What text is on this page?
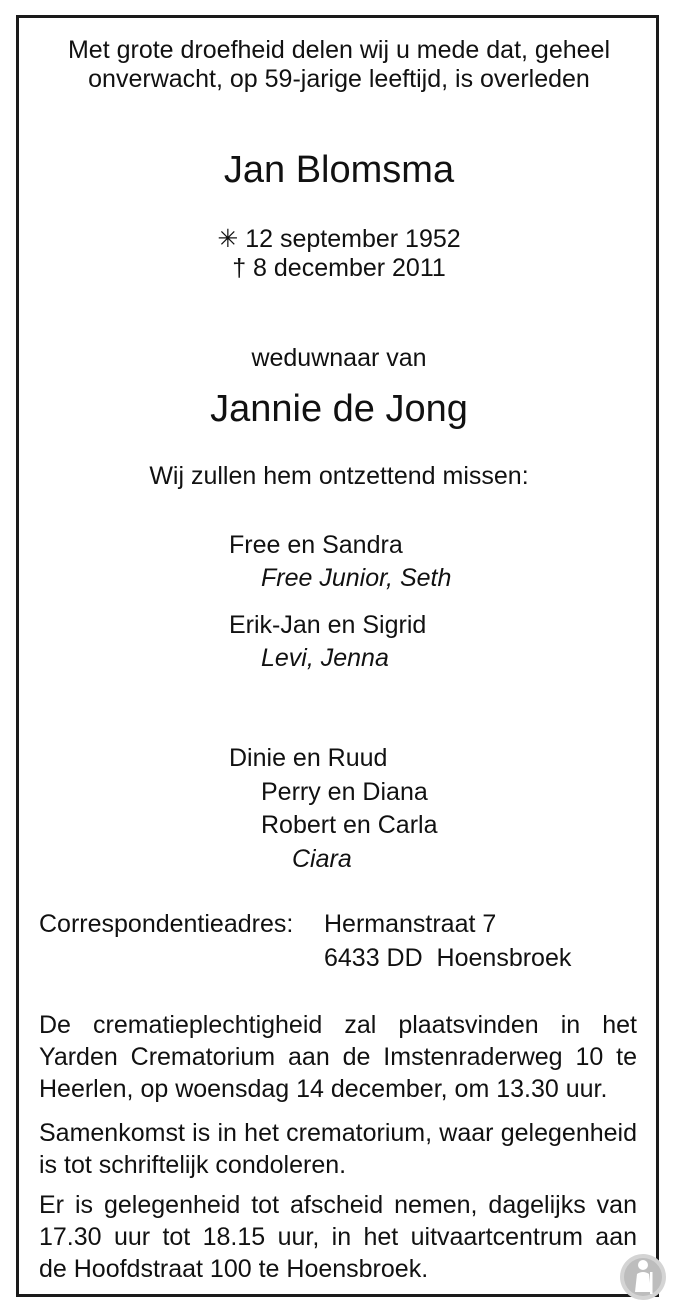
Met grote droefheid delen wij u mede dat, geheel
onverwacht, op 59-jarige leeftijd, is overleden
Jan Blomsma
✳ 12 september 1952
† 8 december 2011
weduwnaar van
Jannie de Jong
Wij zullen hem ontzettend missen:
Free en Sandra
Free Junior, Seth
Erik-Jan en Sigrid
Levi, Jenna
Dinie en Ruud
Perry en Diana
Robert en Carla
Ciara
Correspondentieadres: Hermanstraat 7
6433 DD  Hoensbroek
De crematieplechtigheid zal plaatsvinden in het
Yarden Crematorium aan de Imstenraderweg 10 te
Heerlen, op woensdag 14 december, om 13.30 uur.
Samenkomst is in het crematorium, waar gelegenheid
is tot schriftelijk condoleren.
Er is gelegenheid tot afscheid nemen, dagelijks van
17.30 uur tot 18.15 uur, in het uitvaartcentrum aan
de Hoofdstraat 100 te Hoensbroek.
